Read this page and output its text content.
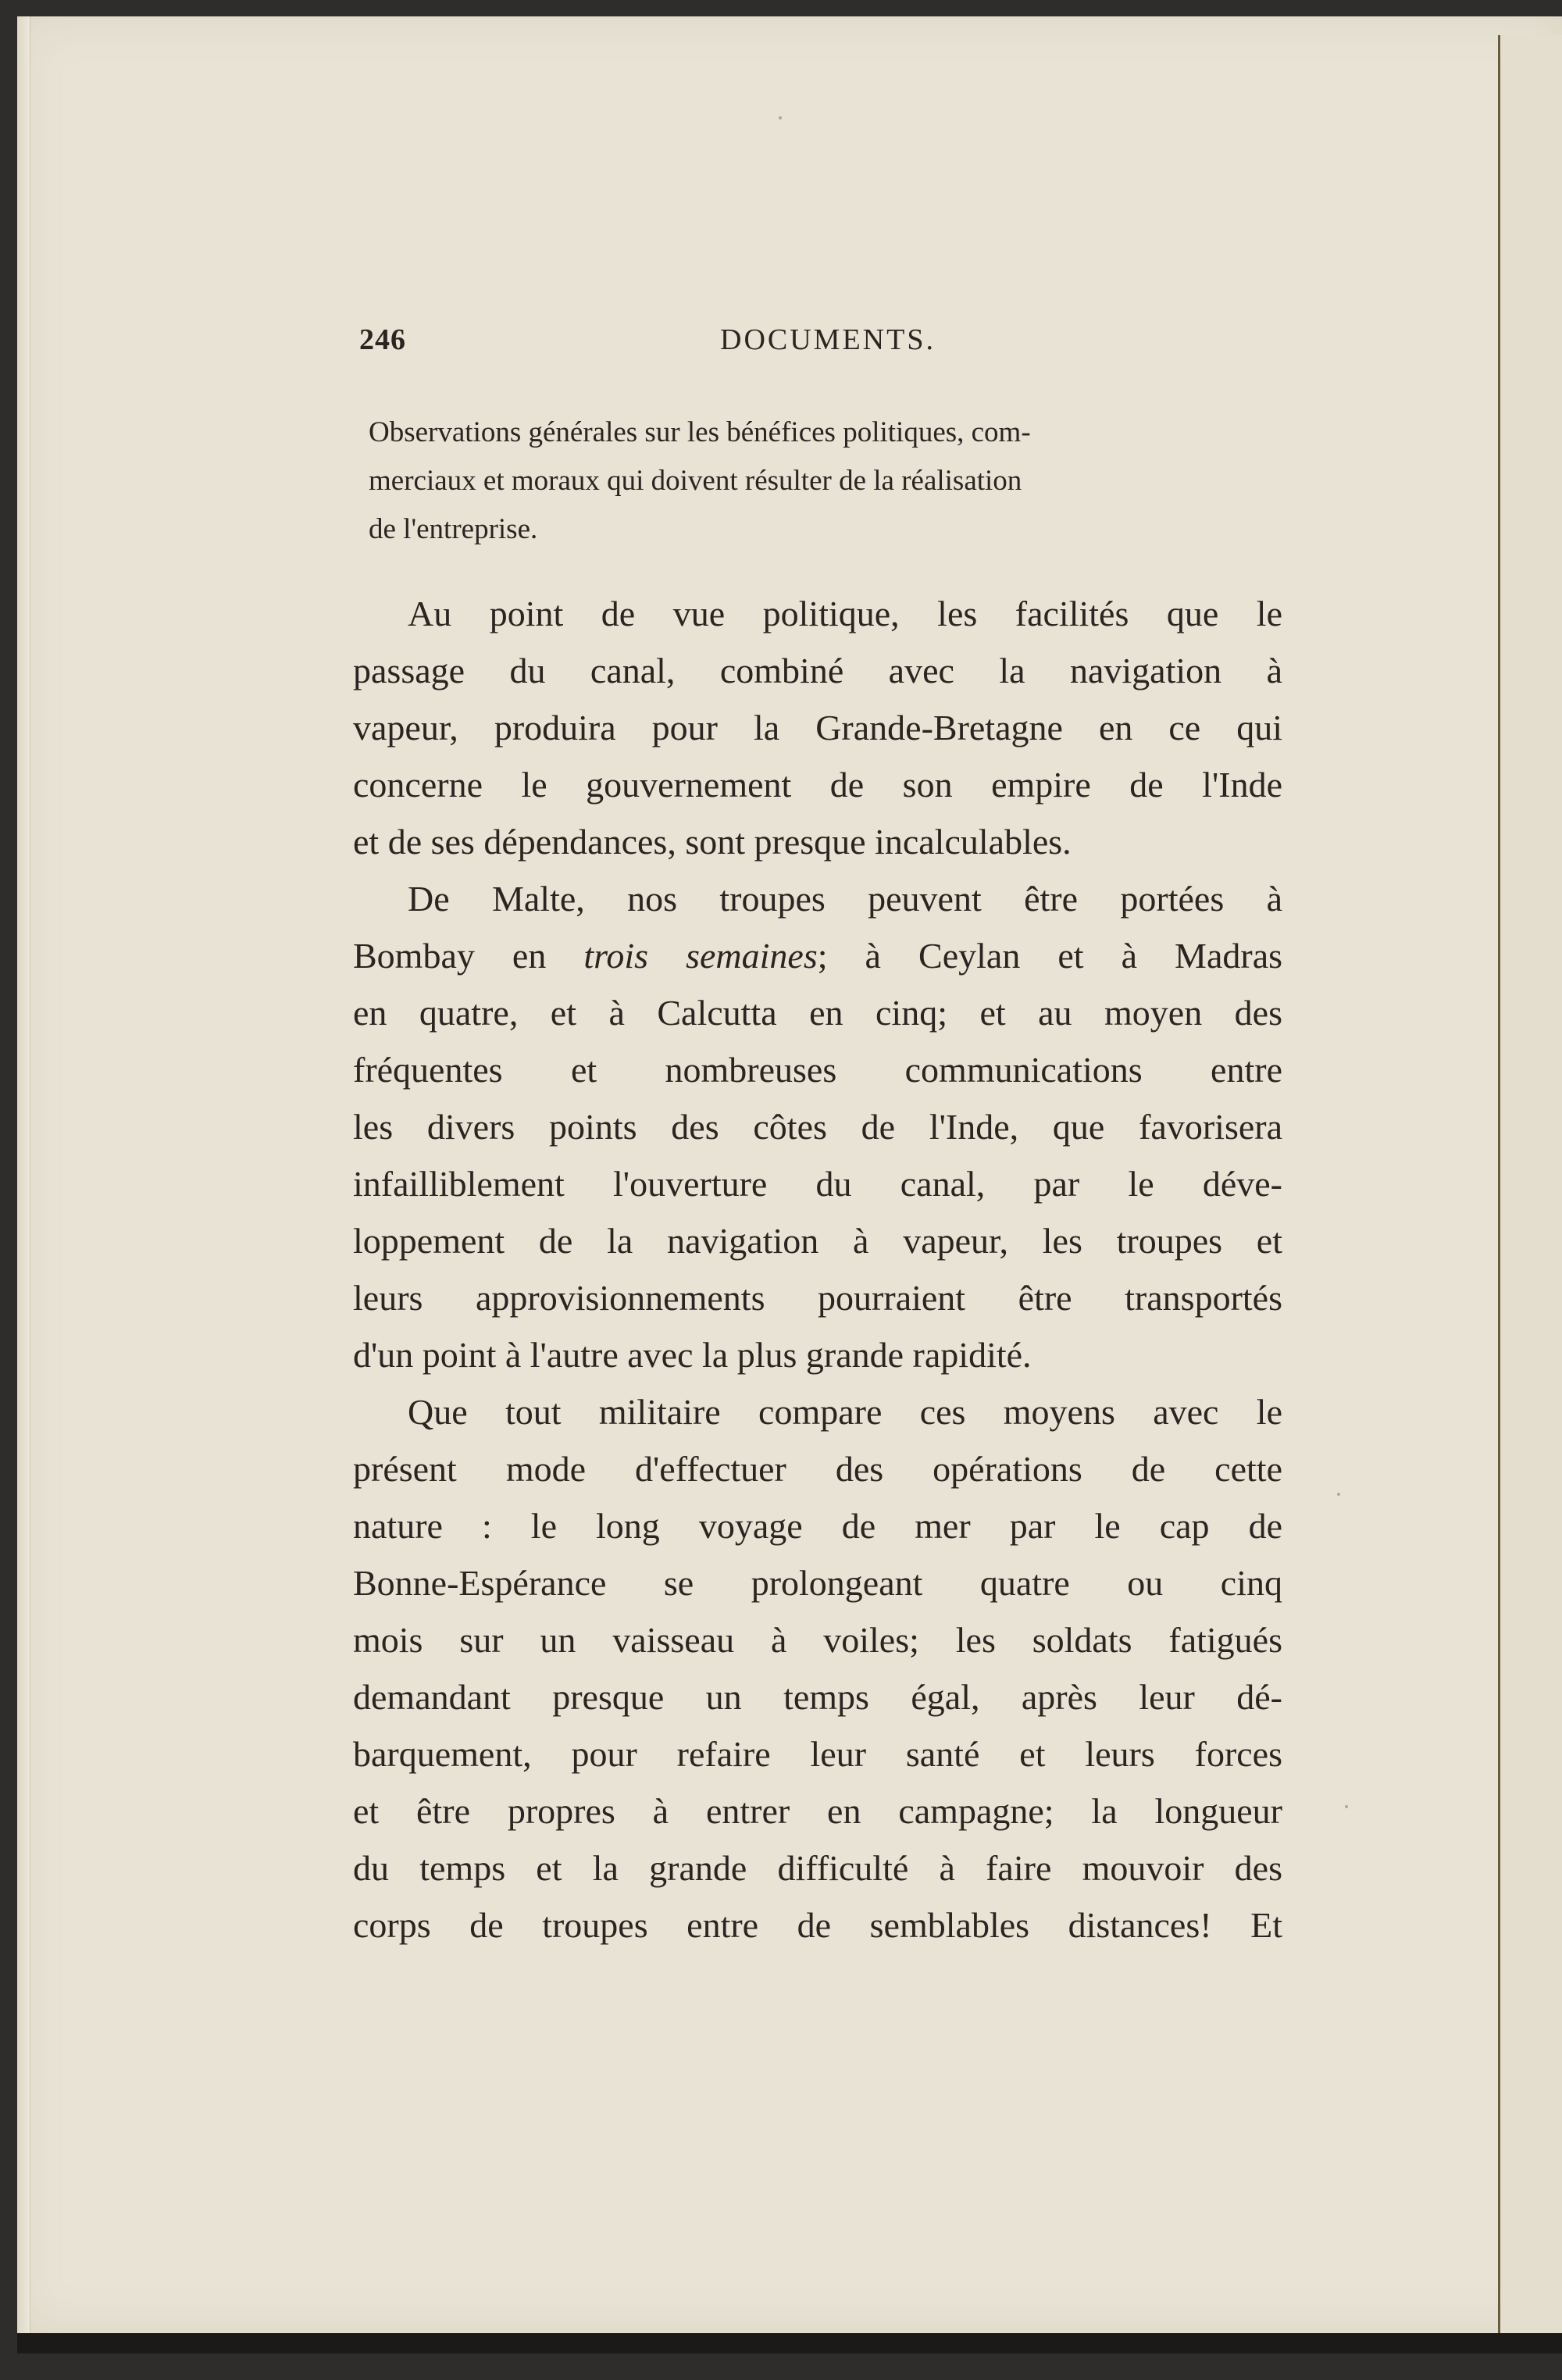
246	DOCUMENTS.
Observations générales sur les bénéfices politiques, com-
merciaux et moraux qui doivent résulter de la réalisation
de l'entreprise.
Au point de vue politique, les facilités que le
passage du canal, combiné avec la navigation à
vapeur, produira pour la Grande-Bretagne en ce qui
concerne le gouvernement de son empire de l'Inde
et de ses dépendances, sont presque incalculables.
De Malte, nos troupes peuvent être portées à
Bombay en trois semaines; à Ceylan et à Madras
en quatre, et à Calcutta en cinq; et au moyen des
fréquentes et nombreuses communications entre
les divers points des côtes de l'Inde, que favorisera
infailliblement l'ouverture du canal, par le déve-
loppement de la navigation à vapeur, les troupes et
leurs approvisionnements pourraient être transportés
d'un point à l'autre avec la plus grande rapidité.
Que tout militaire compare ces moyens avec le
présent mode d'effectuer des opérations de cette
nature : le long voyage de mer par le cap de
Bonne-Espérance se prolongeant quatre ou cinq
mois sur un vaisseau à voiles; les soldats fatigués
demandant presque un temps égal, après leur dé-
barquement, pour refaire leur santé et leurs forces
et être propres à entrer en campagne; la longueur
du temps et la grande difficulté à faire mouvoir des
corps de troupes entre de semblables distances! Et
